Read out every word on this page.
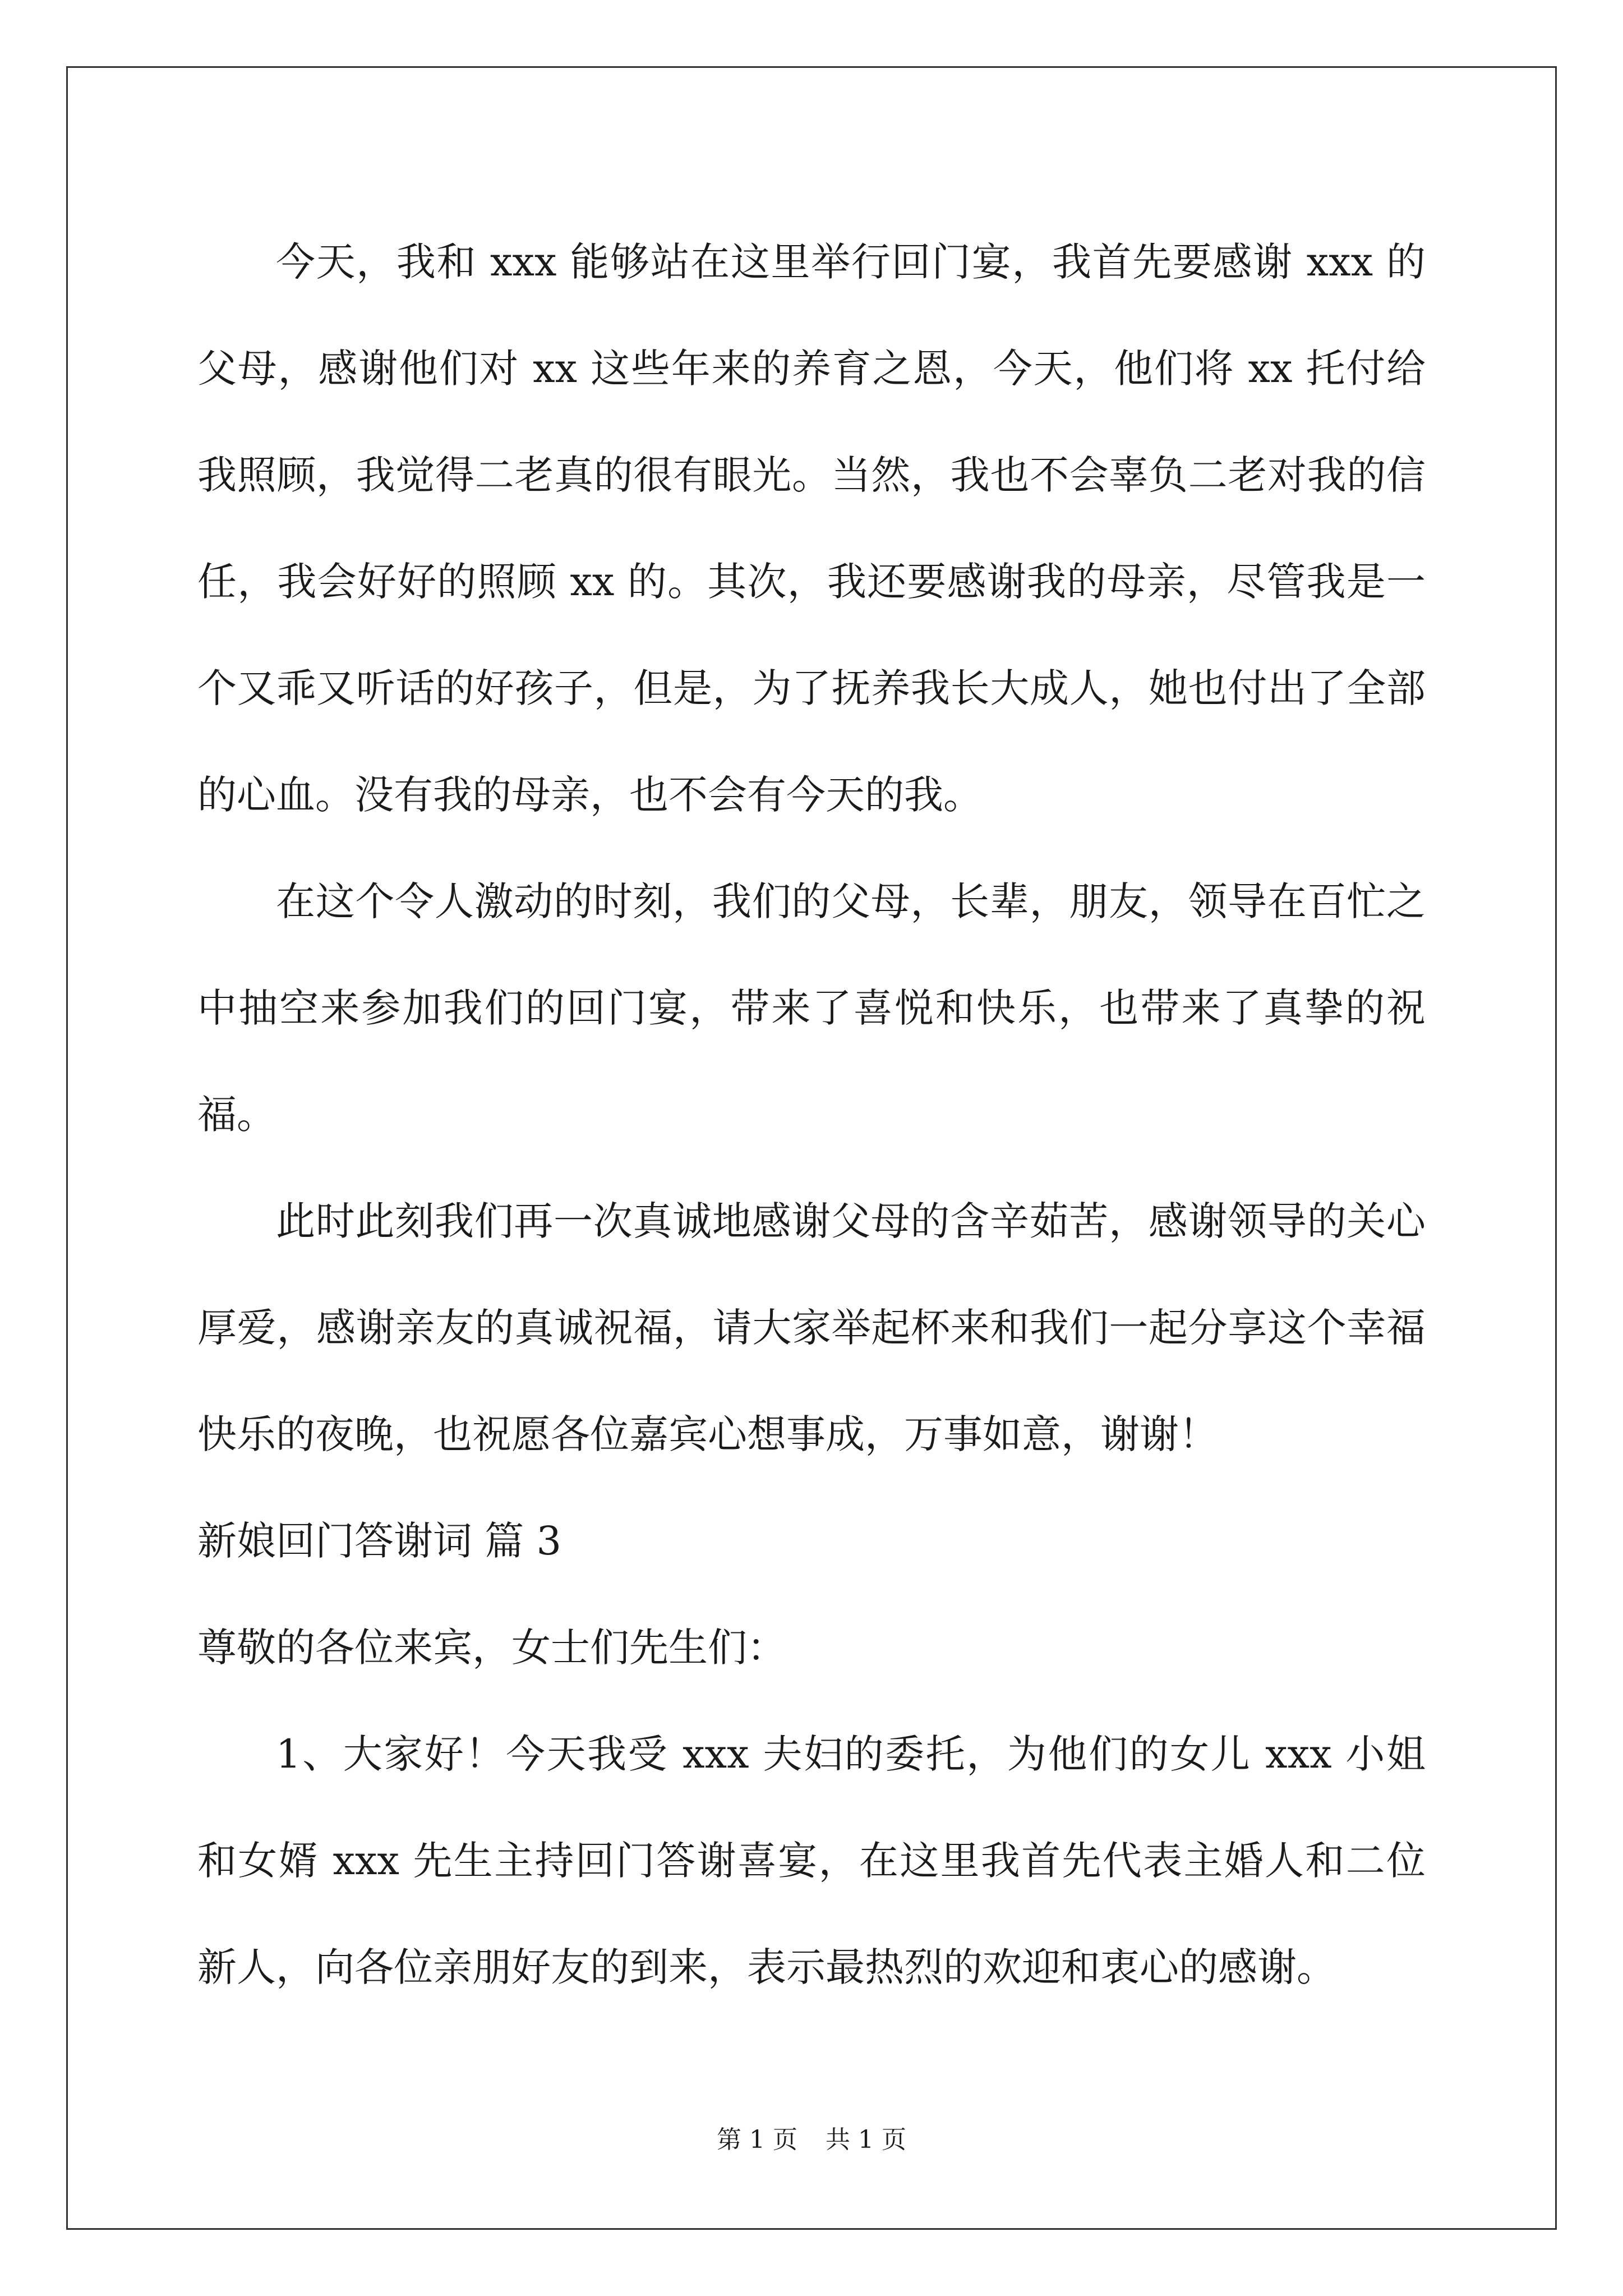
今天，我和 xxx 能够站在这里举行回门宴，我首先要感谢 xxx 的父母，感谢他们对 xx 这些年来的养育之恩，今天，他们将 xx 托付给我照顾，我觉得二老真的很有眼光。当然，我也不会辜负二老对我的信任，我会好好的照顾 xx 的。其次，我还要感谢我的母亲，尽管我是一个又乖又听话的好孩子，但是，为了抚养我长大成人，她也付出了全部的心血。没有我的母亲，也不会有今天的我。

在这个令人激动的时刻，我们的父母，长辈，朋友，领导在百忙之中抽空来参加我们的回门宴，带来了喜悦和快乐，也带来了真挚的祝福。

此时此刻我们再一次真诚地感谢父母的含辛茹苦，感谢领导的关心厚爱，感谢亲友的真诚祝福，请大家举起杯来和我们一起分享这个幸福快乐的夜晚，也祝愿各位嘉宾心想事成，万事如意，谢谢！

新娘回门答谢词 篇 3

尊敬的各位来宾，女士们先生们：

1、大家好！今天我受 xxx 夫妇的委托，为他们的女儿 xxx 小姐和女婿 xxx 先生主持回门答谢喜宴，在这里我首先代表主婚人和二位新人，向各位亲朋好友的到来，表示最热烈的欢迎和衷心的感谢。

第 1 页 共 1 页
